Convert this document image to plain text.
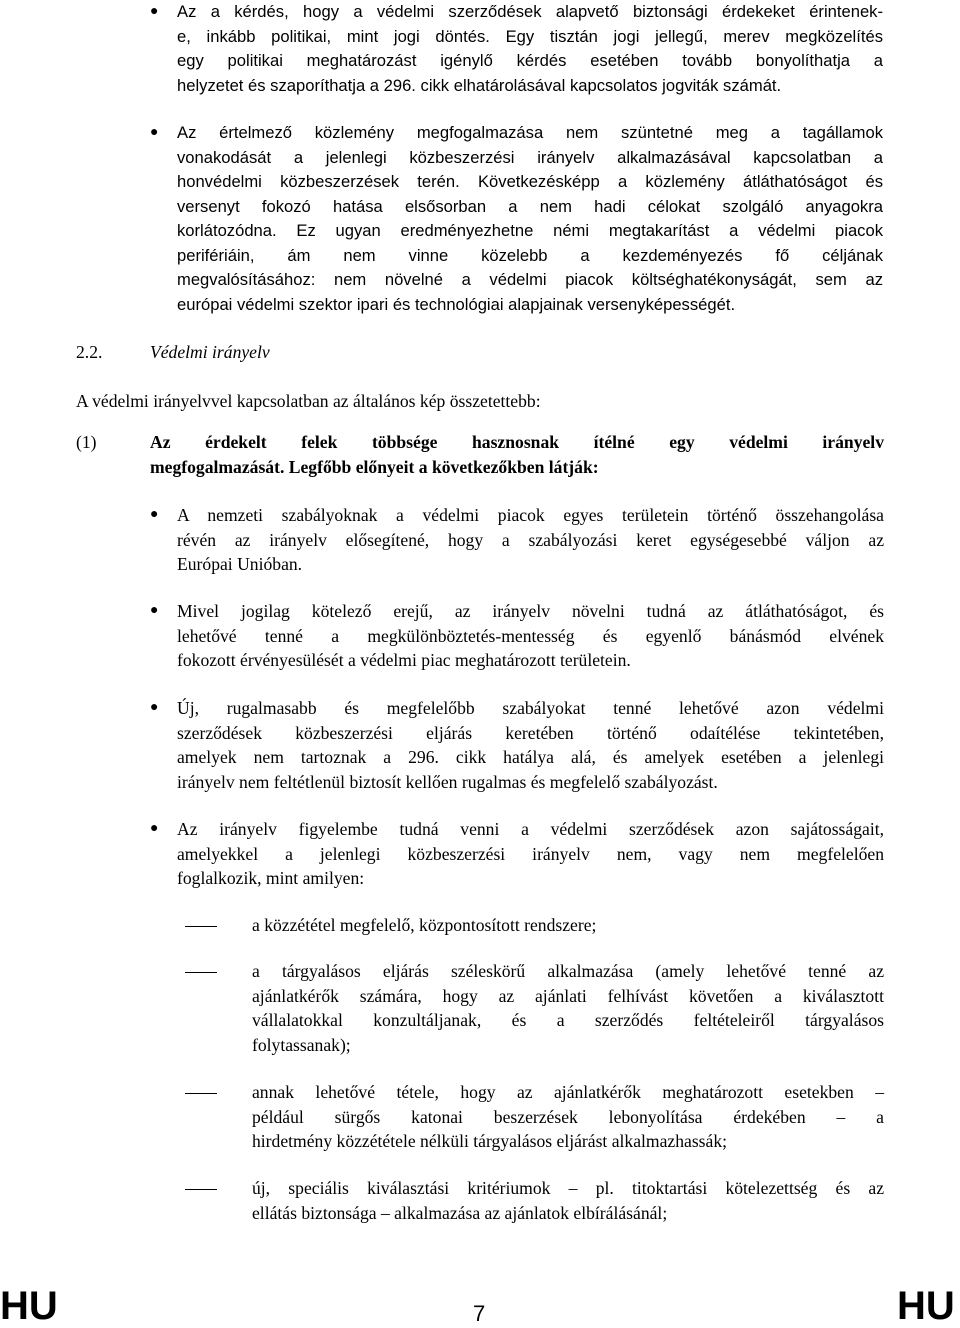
● Az a kérdés, hogy a védelmi szerződések alapvető biztonsági érdekeket érintenek-
e, inkább politikai, mint jogi döntés. Egy tisztán jogi jellegű, merev megközelítés
egy politikai meghatározást igénylő kérdés esetében tovább bonyolíthatja a
helyzetet és szaporíthatja a 296. cikk elhatárolásával kapcsolatos jogviták számát.
● Az értelmező közlemény megfogalmazása nem szüntetné meg a tagállamok
vonakodását a jelenlegi közbeszerzési irányelv alkalmazásával kapcsolatban a
honvédelmi közbeszerzések terén. Következésképp a közlemény átláthatóságot és
versenyt fokozó hatása elsősorban a nem hadi célokat szolgáló anyagokra
korlátozódna. Ez ugyan eredményezhetne némi megtakarítást a védelmi piacok
perifériáin, ám nem vinne közelebb a kezdeményezés fő céljának
megvalósításához: nem növelné a védelmi piacok költséghatékonyságát, sem az
európai védelmi szektor ipari és technológiai alapjainak versenyképességét.
2.2.	Védelmi irányelv
A védelmi irányelvvel kapcsolatban az általános kép összetettebb:
(1)	Az érdekelt felek többsége hasznosnak ítélné egy védelmi irányelv
megfogalmazását. Legfőbb előnyeit a következőkben látják:
● A nemzeti szabályoknak a védelmi piacok egyes területein történő összehangolása
révén az irányelv elősegítené, hogy a szabályozási keret egységesebbé váljon az
Európai Unióban.
● Mivel jogilag kötelező erejű, az irányelv növelni tudná az átláthatóságot, és
lehetővé tenné a megkülönböztetés-mentesség és egyenlő bánásmód elvének
fokozott érvényesülését a védelmi piac meghatározott területein.
● Új, rugalmasabb és megfelelőbb szabályokat tenné lehetővé azon védelmi
szerződések közbeszerzési eljárás keretében történő odaítélése tekintetében,
amelyek nem tartoznak a 296. cikk hatálya alá, és amelyek esetében a jelenlegi
irányelv nem feltétlenül biztosít kellően rugalmas és megfelelő szabályozást.
● Az irányelv figyelembe tudná venni a védelmi szerződések azon sajátosságait,
amelyekkel a jelenlegi közbeszerzési irányelv nem, vagy nem megfelelően
foglalkozik, mint amilyen:
a közzététel megfelelő, központosított rendszere;
a tárgyalásos eljárás széleskörű alkalmazása (amely lehetővé tenné az
ajánlatkérők számára, hogy az ajánlati felhívást követően a kiválasztott
vállalatokkal konzultáljanak, és a szerződés feltételeiről tárgyalásos
folytassanak);
annak lehetővé tétele, hogy az ajánlatkérők meghatározott esetekben –
például sürgős katonai beszerzések lebonyolítása érdekében – a
hirdetmény közzététele nélküli tárgyalásos eljárást alkalmazhassák;
új, speciális kiválasztási kritériumok – pl. titoktartási kötelezettség és az
ellátás biztonsága – alkalmazása az ajánlatok elbírálásánál;
HU	7	HU
